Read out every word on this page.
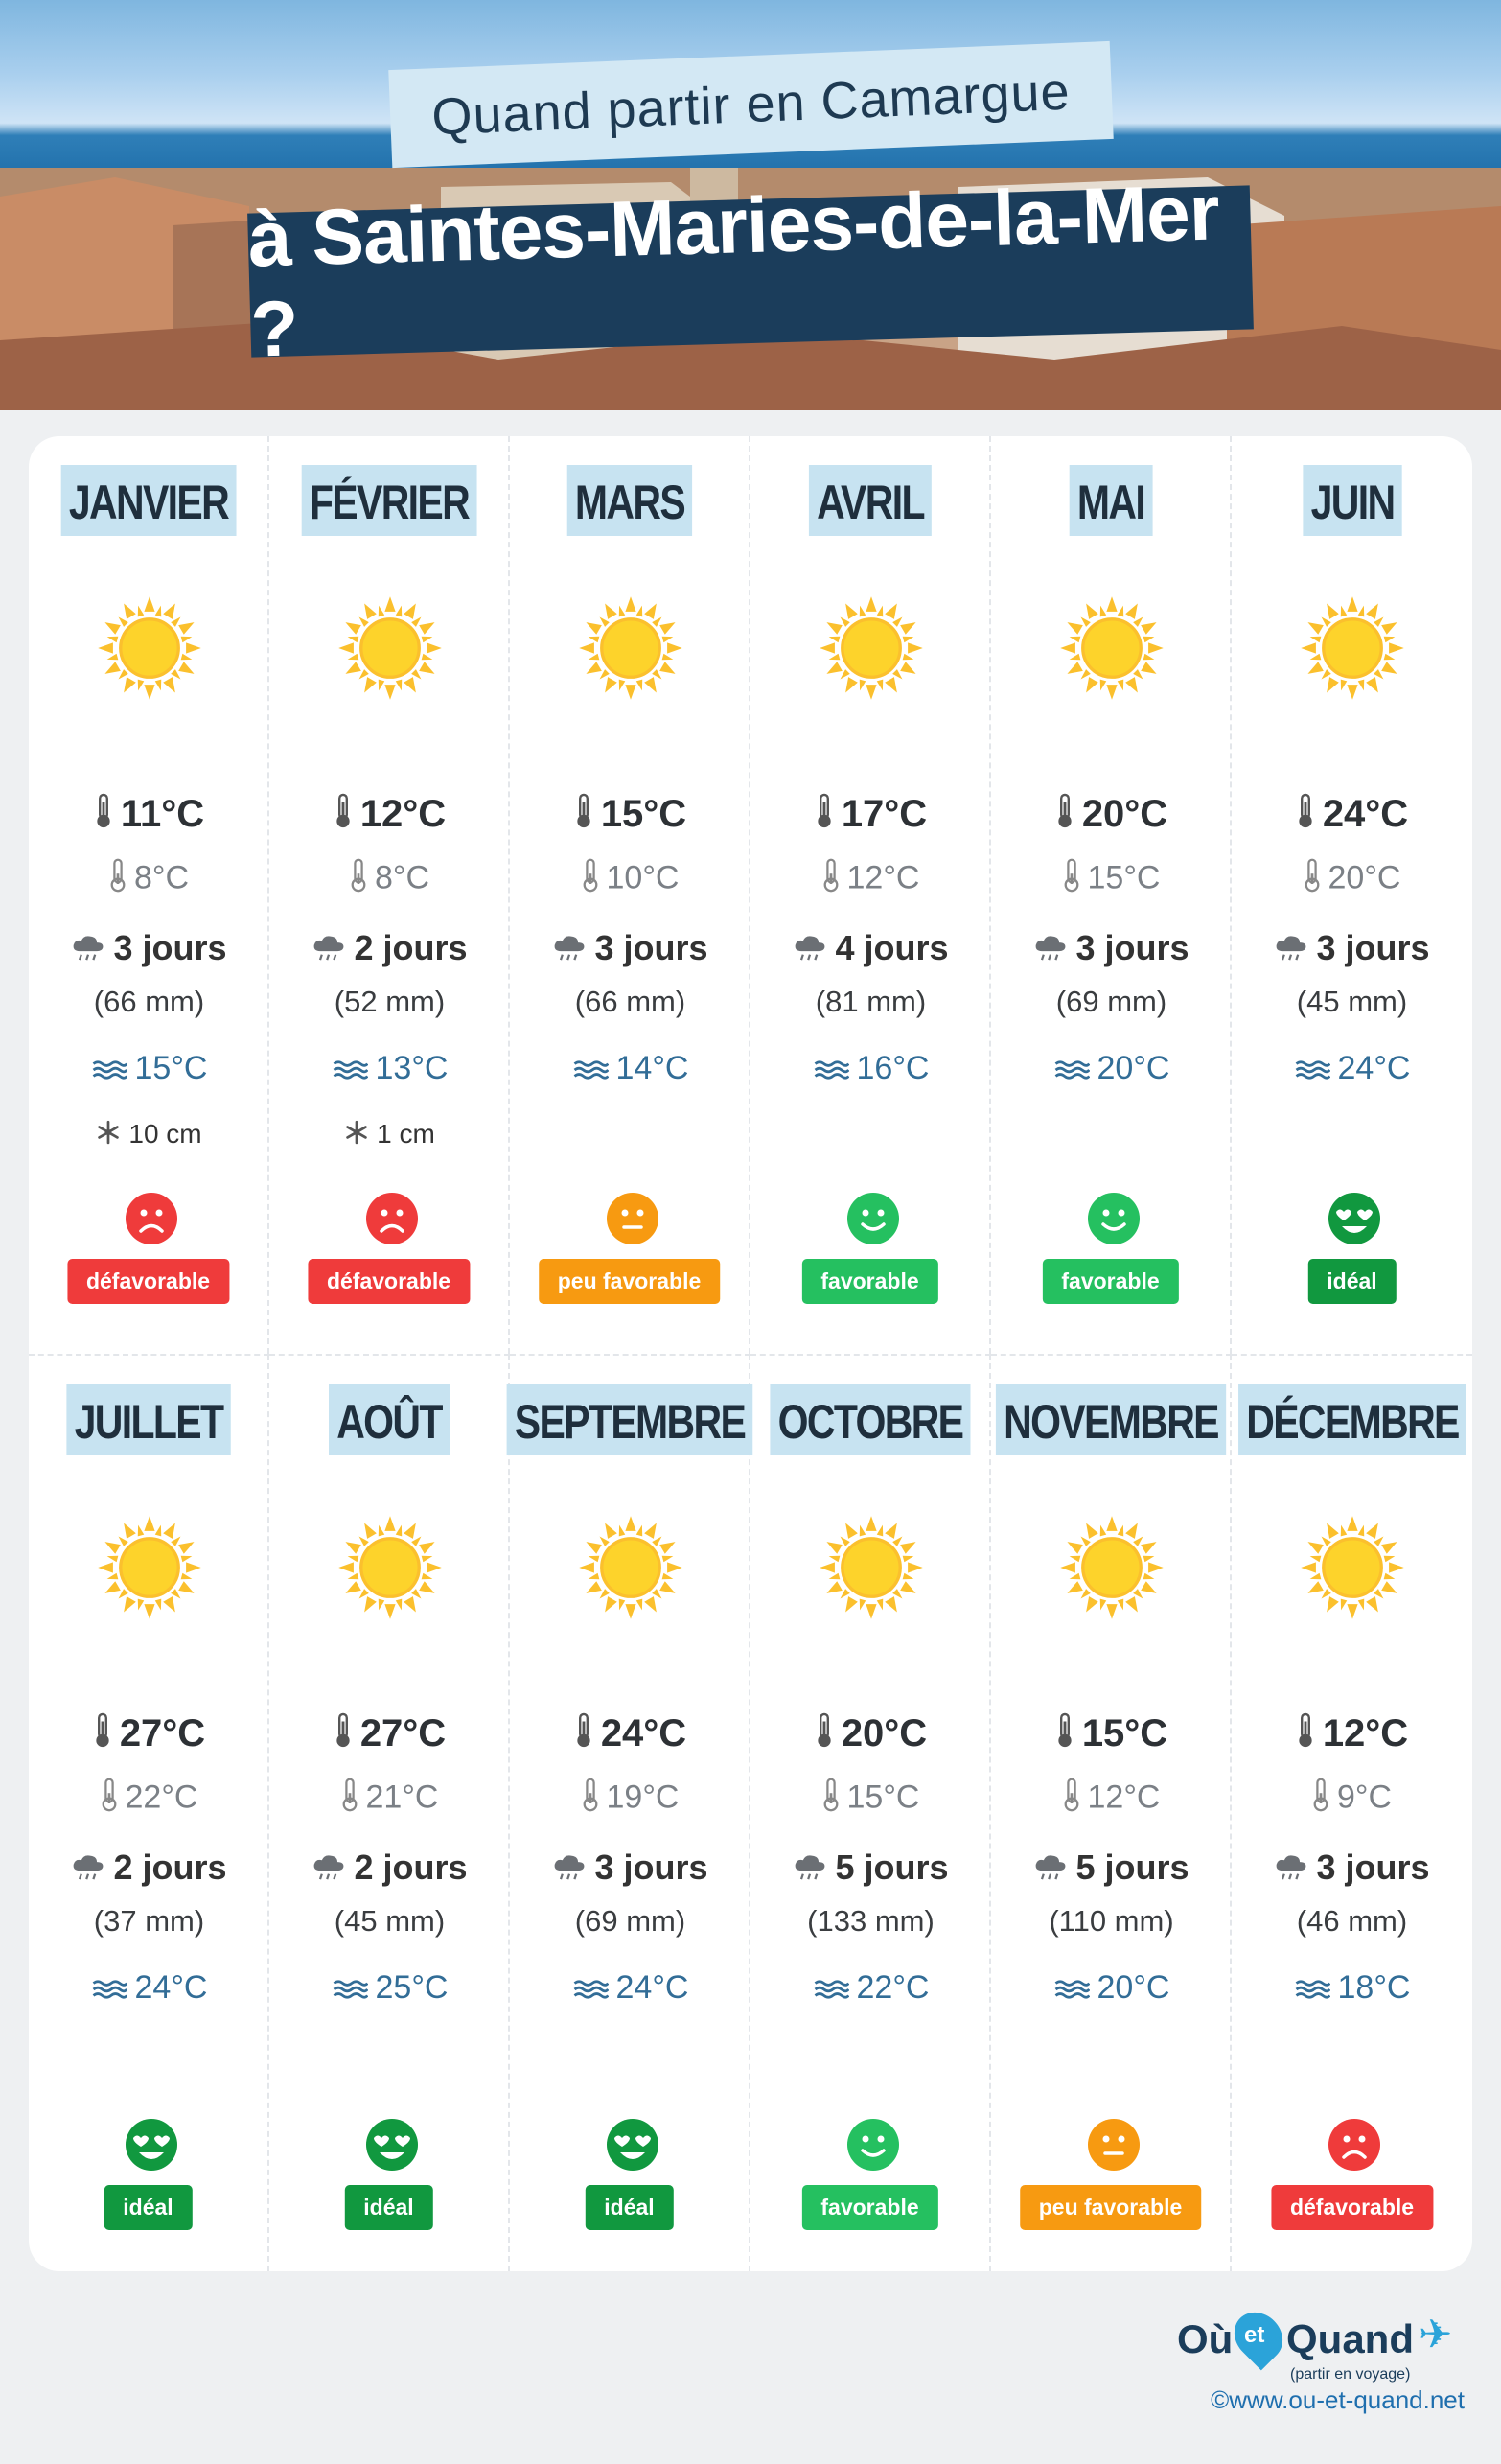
Quand partir en Camargue
à Saintes-Maries-de-la-Mer ?
JANVIER
11°C
8°C
3 jours
(66 mm)
15°C
10 cm
défavorable
FÉVRIER
12°C
8°C
2 jours
(52 mm)
13°C
1 cm
défavorable
MARS
15°C
10°C
3 jours
(66 mm)
14°C
peu favorable
AVRIL
17°C
12°C
4 jours
(81 mm)
16°C
favorable
MAI
20°C
15°C
3 jours
(69 mm)
20°C
favorable
JUIN
24°C
20°C
3 jours
(45 mm)
24°C
idéal
JUILLET
27°C
22°C
2 jours
(37 mm)
24°C
idéal
AOÛT
27°C
21°C
2 jours
(45 mm)
25°C
idéal
SEPTEMBRE
24°C
19°C
3 jours
(69 mm)
24°C
idéal
OCTOBRE
20°C
15°C
5 jours
(133 mm)
22°C
favorable
NOVEMBRE
15°C
12°C
5 jours
(110 mm)
20°C
peu favorable
DÉCEMBRE
12°C
9°C
3 jours
(46 mm)
18°C
défavorable
Où et Quand ✈
(partir en voyage)
©www.ou-et-quand.net
